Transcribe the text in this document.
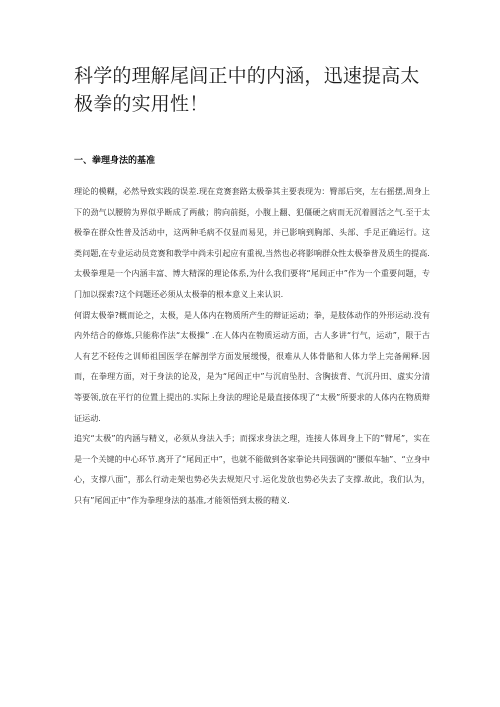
科学的理解尾闾正中的内涵，迅速提高太极拳的实用性！
一、拳理身法的基准

理论的模糊，必然导致实践的误差.现在竞赛套路太极拳其主要表现为：臀部后突，左右摇摆,周身上下的劲气以腰胯为界似乎断成了两截；胯向前挺，小腹上翻、犯僵硬之病而无沉着圆活之气.至于太极拳在群众性普及活动中，这两种毛病不仅显而易见，并已影响到胸部、头部、手足正确运行。这类问题,在专业运动员竞赛和教学中尚未引起应有重视,当然也必将影响群众性太极拳普及质生的提高.

太极拳理是一个内涵丰富、博大精深的理论体系,为什么我们要将“尾闾正中”作为一个重要问题，专门加以探索?这个问题还必须从太极拳的根本意义上来认识.

何谓太极拳?概而论之，太极，是人体内在物质所产生的辩证运动；拳，是肢体动作的外形运动.没有内外结合的修炼,只能称作法“太极操” .在人体内在物质运动方面，古人多讲“行气，运动”，限于古人有艺不轻传之训师祖国医学在解剖学方面发展缓慢，很难从人体骨骼和人体力学上完备阐释.因而，在拳理方面，对于身法的论及，是为“尾闾正中”与沉肩坠肘、含胸拔背、气沉丹田、虚实分清等要领,放在平行的位置上提出的.实际上身法的理论是最直接体现了“太极”所要求的人体内在物质辩证运动.

追究“太极”的内涵与精义，必须从身法入手；而探求身法之理，连接人体周身上下的”臂尾”，实在是一个关键的中心环节.离开了“尾闾正中”，也就不能做到各家拳论共同强调的“腰似车轴”、“立身中心，支撑八面”，那么行动走架也势必失去规矩尺寸.运化发放也势必失去了支撑.故此，我们认为，只有”尾闾正中”作为拳理身法的基准,才能领悟到太极的精义.
